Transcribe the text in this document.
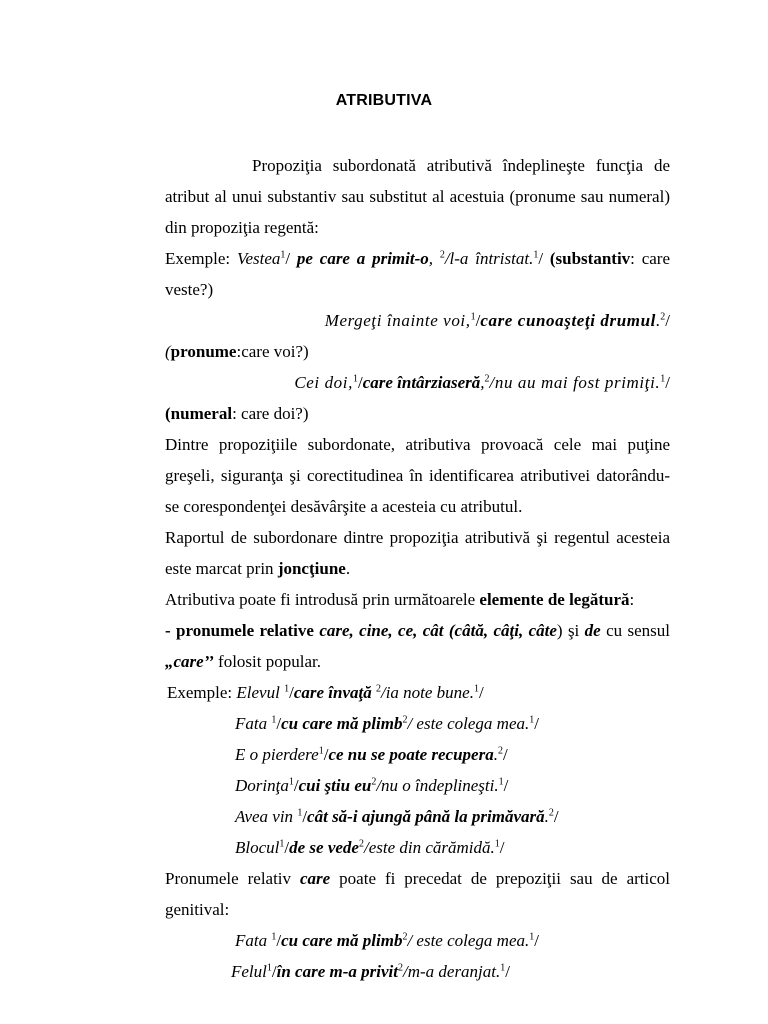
ATRIBUTIVA

Propoziţia subordonată atributivă îndeplineşte funcţia de atribut al unui substantiv sau substitut al acestuia (pronume sau numeral) din propoziţia regentă:

Exemple: Vestea$^1$/ pe care a primit-o, $^2$/l-a întristat.$^1$/ (substantiv: care veste?)

Mergeţi înainte voi,$^1$/care cunoaşteţi drumul.$^2$/

(pronume:care voi?)

Cei doi,$^1$/care întârziaseră,$^2$/nu au mai fost primiţi.$^1$/

(numeral: care doi?)

Dintre propoziţiile subordonate, atributiva provoacă cele mai puţine greşeli, siguranţa şi corectitudinea în identificarea atributivei datorându-se corespondenţei desăvârşite a acesteia cu atributul.

Raportul de subordonare dintre propoziţia atributivă şi regentul acesteia este marcat prin joncţiune.

Atributiva poate fi introdusă prin următoarele elemente de legătură:

- pronumele relative care, cine, ce, cât (câtă, câţi, câte) şi de cu sensul „care’’ folosit popular.

Exemple: Elevul $^1$/care învaţă $^2$/ia note bune.$^1$/

Fata $^1$/cu care mă plimb$^2$/ este colega mea.$^1$/

E o pierdere$^1$/ce nu se poate recupera.$^2$/

Dorinţa$^1$/cui ştiu $eu^2/nu$ o îndeplineşti.$^1$/

Avea vin $^1$/cât să-i ajungă până la primăvară.$^2$/

Blocul$^1$/de se vede$^2$/este din cărămidă.$^1$/

Pronumele relativ care poate fi precedat de prepoziţii sau de articol genitival:

Fata $^1$/cu care mă plimb$^2$/ este colega mea.$^1$/

Felul$^1$/în care m-a privit$^2$/m-a deranjat.$^1$/
